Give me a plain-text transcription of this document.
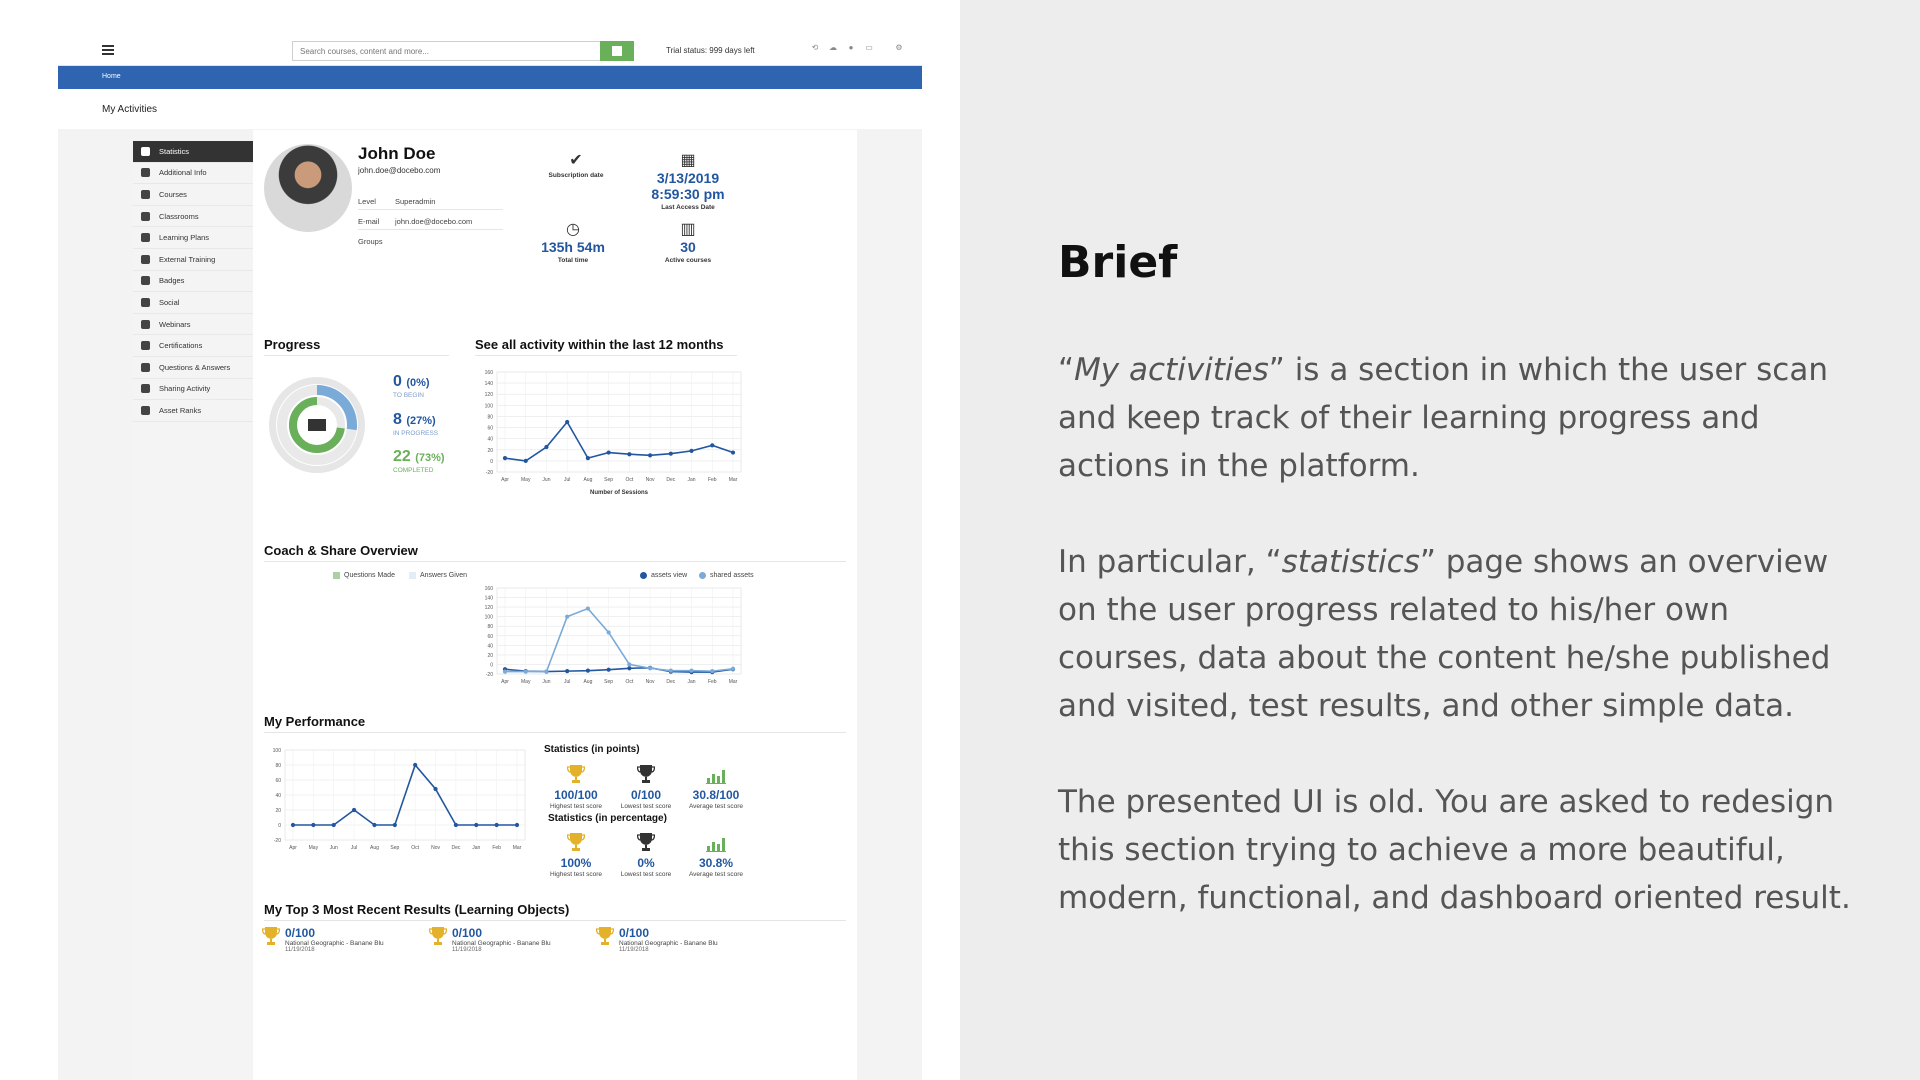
Search courses, content and more...
Trial status: 999 days left	⟲ ☁	●	▭	⚙
Home
My Activities
Statistics
Additional Info
Courses
Classrooms
Learning Plans
External Training
Badges
Social
Webinars
Certifications
Questions & Answers
Sharing Activity
Asset Ranks
John Doe
john.doe@docebo.com
Level	Superadmin
E-mail john.doe@docebo.com
Groups
✔
Subscription date
▦
3/13/2019
8:59:30 pm
Last Access Date
◷
135h 54m
Total time
▥
30
Active courses
Progress
0 (0%)
TO BEGIN
8 (27%)
IN PROGRESS
22 (73%)
COMPLETED
See all activity within the last 12 months
-20
0
20
40
60
80
100
120
140
160
Apr May Jun	Jul	Aug Sep Oct Nov Dec Jan Feb Mar
Number of Sessions
Coach & Share Overview
Questions Made	Answers Given	assets view	shared assets
-20
0
20
40
60
80
100
120
140
160
Apr May Jun	Jul	Aug Sep Oct Nov Dec Jan Feb Mar
My Performance
-20
0
20
40
60
80
100
Apr May Jun	Jul	Aug Sep Oct Nov Dec Jan Feb Mar
Statistics (in points)
100/100
Highest test score
0/100
Lowest test score
30.8/100
Average test score
Statistics (in percentage)
100%
Highest test score
0%
Lowest test score
30.8%
Average test score
My Top 3 Most Recent Results (Learning Objects)
0/100
National Geographic - Banane Blu
11/19/2018
0/100
National Geographic - Banane Blu
11/19/2018
0/100
National Geographic - Banane Blu
11/19/2018
Brief
“My activities” is a section in which the user scan and keep track of their learning progress and actions in the platform.
In particular, “statistics” page shows an overview on the user progress related to his/her own courses, data about the content he/she published and visited, test results, and other simple data.
The presented UI is old. You are asked to redesign this section trying to achieve a more beautiful, modern, functional, and dashboard oriented result.
